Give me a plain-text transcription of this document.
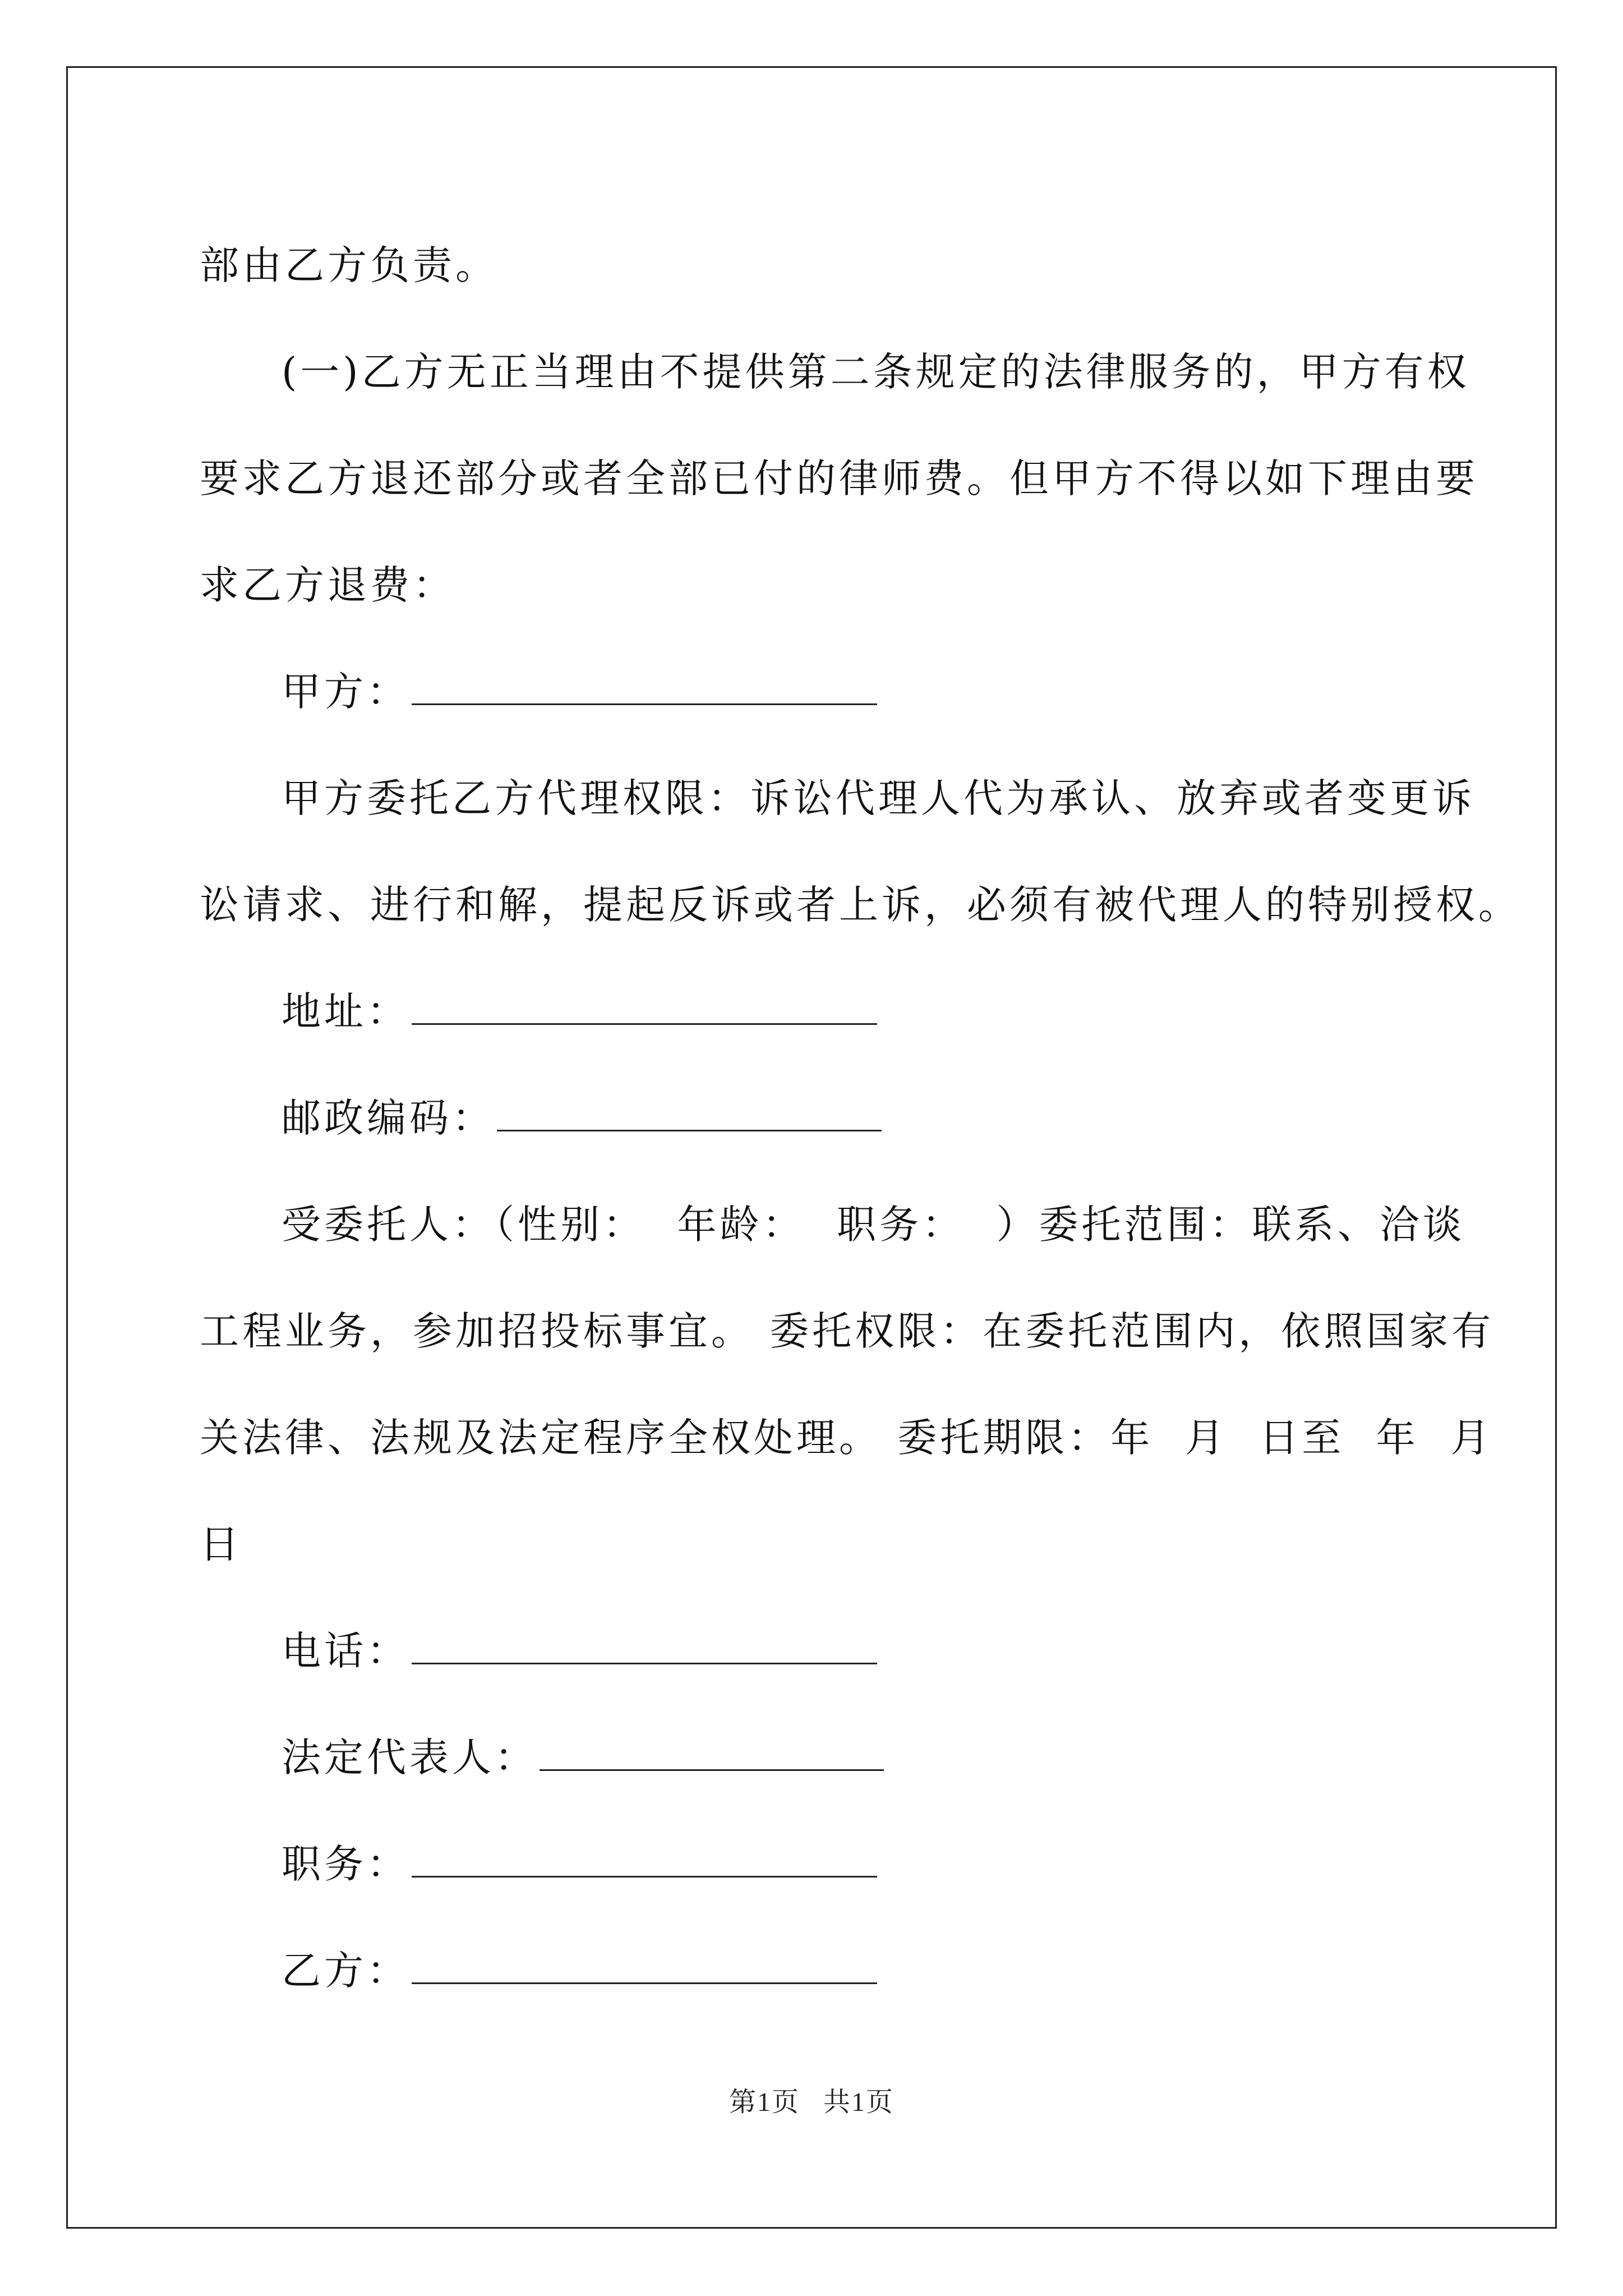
部由乙方负责。
(一)乙方无正当理由不提供第二条规定的法律服务的，甲方有权
要求乙方退还部分或者全部已付的律师费。但甲方不得以如下理由要
求乙方退费：
甲方：
甲方委托乙方代理权限：诉讼代理人代为承认、放弃或者变更诉
讼请求、进行和解，提起反诉或者上诉，必须有被代理人的特别授权。
地址：
邮政编码：
受委托人：（性别：  年龄：  职务：  ）委托范围：联系、洽谈
工程业务，参加招投标事宜。 委托权限：在委托范围内，依照国家有
关法律、法规及法定程序全权处理。 委托期限：年  月  日至  年  月
日
电话：
法定代表人：
职务：
乙方：
第1页   共1页
